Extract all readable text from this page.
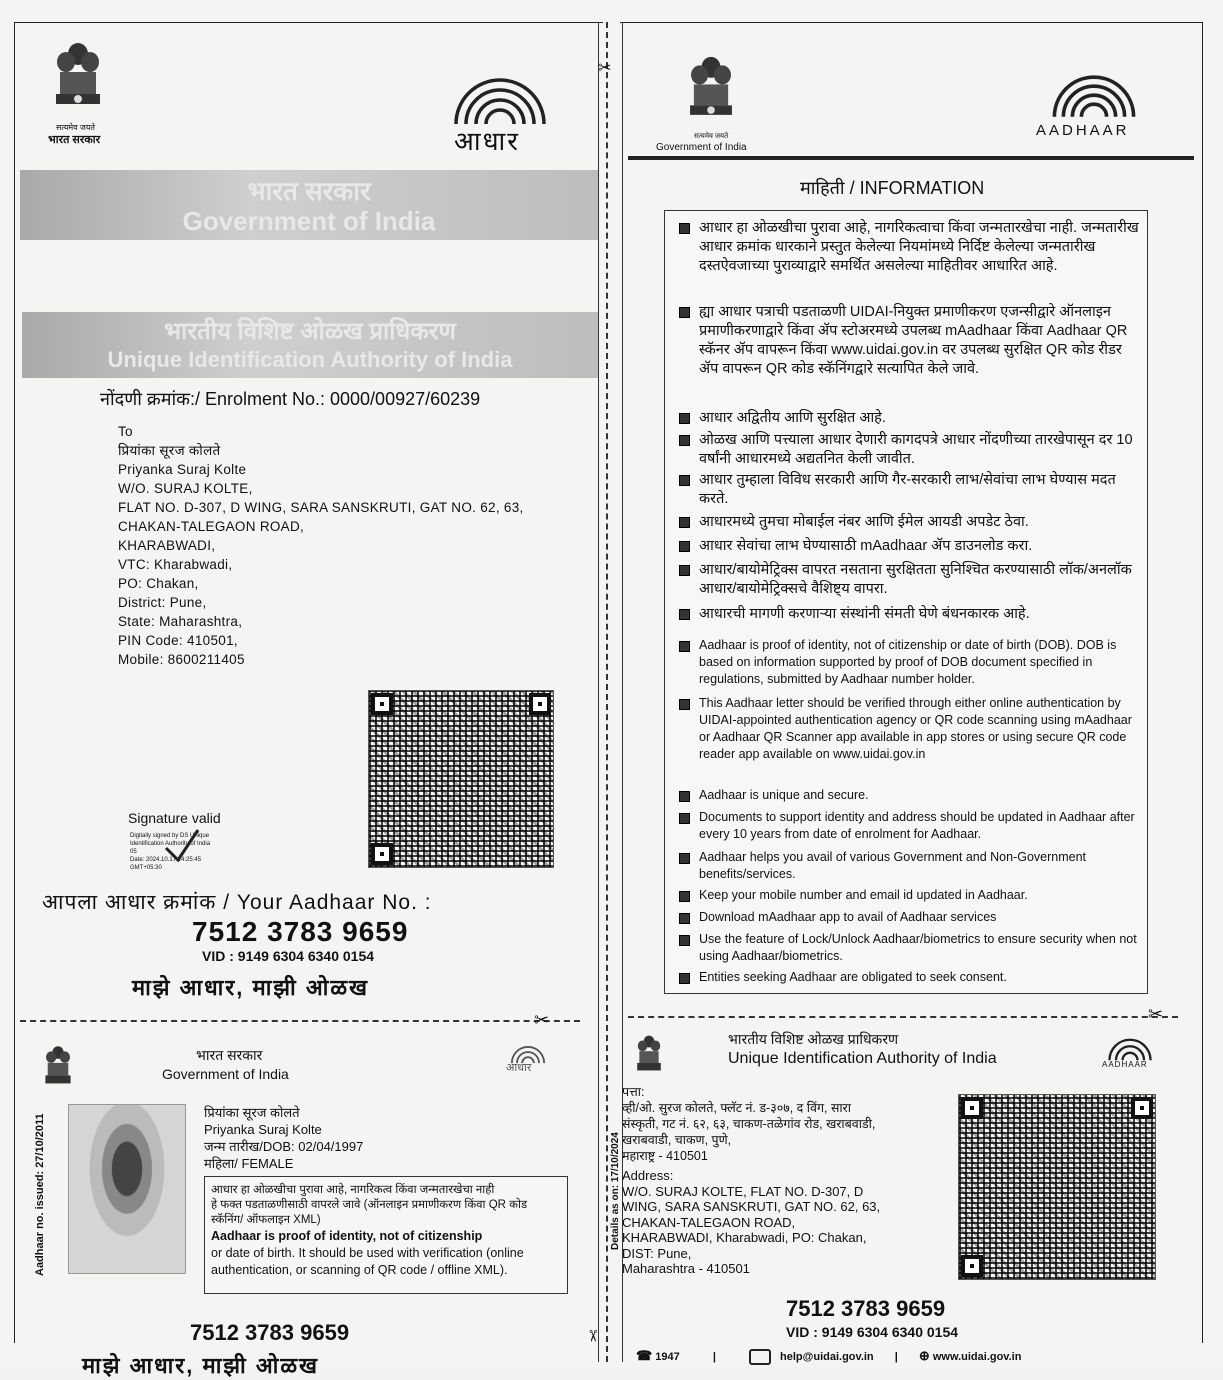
✂
✂
सत्यमेव जयते
भारत सरकार	आधार
भारत सरकार
Government of India
भारतीय विशिष्ट ओळख प्राधिकरण
Unique Identification Authority of India
नोंदणी क्रमांक:/ Enrolment No.: 0000/00927/60239
To
प्रियांका सूरज कोलते
Priyanka Suraj Kolte
W/O. SURAJ KOLTE,
FLAT NO. D-307, D WING, SARA SANSKRUTI, GAT NO. 62, 63,
CHAKAN-TALEGAON ROAD,
KHARABWADI,
VTC: Kharabwadi,
PO: Chakan,
District: Pune,
State: Maharashtra,
PIN Code: 410501,
Mobile: 8600211405
Signature valid
Digitally signed by DS Unique
Identification Authority of India
05
Date: 2024.10.17 14:25:45
GMT+05:30
आपला आधार क्रमांक / Your Aadhaar No. :
7512 3783 9659
VID : 9149 6304 6340 0154
माझे आधार, माझी ओळख
✂
भारत सरकार
Government of India	आधार
Aadhaar no. issued: 27/10/2011
प्रियांका सूरज कोलते
Priyanka Suraj Kolte
जन्म तारीख/DOB: 02/04/1997
महिला/ FEMALE
आधार हा ओळखीचा पुरावा आहे, नागरिकत्व किंवा जन्मतारखेचा नाही
हे फक्त पडताळणीसाठी वापरले जावे (ऑनलाइन प्रमाणीकरण किंवा QR कोड
स्कॅनिंग/ ऑफलाइन XML)
Aadhaar is proof of identity, not of citizenship
or date of birth. It should be used with verification (online
authentication, or scanning of QR code / offline XML).
7512 3783 9659
माझे आधार, माझी ओळख
सत्यमेव जयते
Government of India
AADHAAR
माहिती / INFORMATION
आधार हा ओळखीचा पुरावा आहे, नागरिकत्वाचा किंवा जन्मतारखेचा नाही. जन्मतारीख आधार क्रमांक धारकाने प्रस्तुत केलेल्या नियमांमध्ये निर्दिष्ट केलेल्या जन्मतारीख दस्तऐवजाच्या पुराव्याद्वारे समर्थित असलेल्या माहितीवर आधारित आहे.
ह्या आधार पत्राची पडताळणी UIDAI-नियुक्त प्रमाणीकरण एजन्सीद्वारे ऑनलाइन प्रमाणीकरणाद्वारे किंवा ॲप स्टोअरमध्ये उपलब्ध mAadhaar किंवा Aadhaar QR स्कॅनर ॲप वापरून किंवा www.uidai.gov.in वर उपलब्ध सुरक्षित QR कोड रीडर ॲप वापरून QR कोड स्कॅनिंगद्वारे सत्यापित केले जावे.
आधार अद्वितीय आणि सुरक्षित आहे.
ओळख आणि पत्त्याला आधार देणारी कागदपत्रे आधार नोंदणीच्या तारखेपासून दर 10 वर्षांनी आधारमध्ये अद्यतनित केली जावीत.
आधार तुम्हाला विविध सरकारी आणि गैर-सरकारी लाभ/सेवांचा लाभ घेण्यास मदत करते.
आधारमध्ये तुमचा मोबाईल नंबर आणि ईमेल आयडी अपडेट ठेवा.
आधार सेवांचा लाभ घेण्यासाठी mAadhaar ॲप डाउनलोड करा.
आधार/बायोमेट्रिक्स वापरत नसताना सुरक्षितता सुनिश्चित करण्यासाठी लॉक/अनलॉक आधार/बायोमेट्रिक्सचे वैशिष्ट्य वापरा.
आधारची मागणी करणाऱ्या संस्थांनी संमती घेणे बंधनकारक आहे.
Aadhaar is proof of identity, not of citizenship or date of birth (DOB). DOB is based on information supported by proof of DOB document specified in regulations, submitted by Aadhaar number holder.
This Aadhaar letter should be verified through either online authentication by UIDAI-appointed authentication agency or QR code scanning using mAadhaar or Aadhaar QR Scanner app available in app stores or using secure QR code reader app available on www.uidai.gov.in
Aadhaar is unique and secure.
Documents to support identity and address should be updated in Aadhaar after every 10 years from date of enrolment for Aadhaar.
Aadhaar helps you avail of various Government and Non-Government benefits/services.
Keep your mobile number and email id updated in Aadhaar.
Download mAadhaar app to avail of Aadhaar services
Use the feature of Lock/Unlock Aadhaar/biometrics to ensure security when not using Aadhaar/biometrics.
Entities seeking Aadhaar are obligated to seek consent.
✂
भारतीय विशिष्ट ओळख प्राधिकरण
Unique Identification Authority of India	AADHAAR
Details as on: 17/10/2024
पत्ता:
व्ही/ओ. सुरज कोलते, फ्लॅट नं. ड-३०७, द विंग, सारा
संस्कृती, गट नं. ६२, ६३, चाकण-तळेगांव रोड, खराबवाडी,
खराबवाडी, चाकण, पुणे,
महाराष्ट्र - 410501
Address:
W/O. SURAJ KOLTE, FLAT NO. D-307, D
WING, SARA SANSKRUTI, GAT NO. 62, 63,
CHAKAN-TALEGAON ROAD,
KHARABWADI, Kharabwadi, PO: Chakan,
DIST: Pune,
Maharashtra - 410501
7512 3783 9659
VID : 9149 6304 6340 0154
☎ 1947	|	help@uidai.gov.in | ⊕ www.uidai.gov.in
